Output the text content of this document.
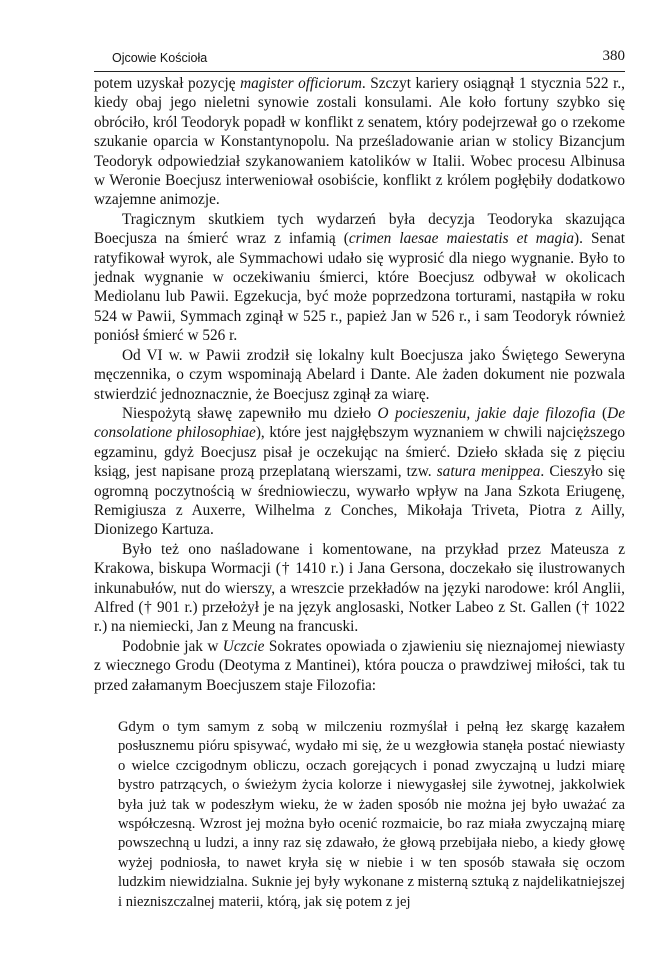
Ojcowie Kościoła	380

potem uzyskał pozycję magister officiorum. Szczyt kariery osiągnął 1 stycznia 522 r., kiedy obaj jego nieletni synowie zostali konsulami. Ale koło fortuny szybko się obróciło, król Teodoryk popadł w konflikt z senatem, który podejrzewał go o rzekome szukanie oparcia w Konstantynopolu. Na prześladowanie arian w stolicy Bizancjum Teodoryk odpowiedział szykanowaniem katolików w Italii. Wobec procesu Albinusa w Weronie Boecjusz interweniował osobiście, konflikt z królem pogłębiły dodatkowo wzajemne animozje.

Tragicznym skutkiem tych wydarzeń była decyzja Teodoryka skazująca Boecjusza na śmierć wraz z infamią (crimen laesae maiestatis et magia). Senat ratyfikował wyrok, ale Symmachowi udało się wyprosić dla niego wygnanie. Było to jednak wygnanie w oczekiwaniu śmierci, które Boecjusz odbywał w okolicach Mediolanu lub Pawii. Egzekucja, być może poprzedzona torturami, nastąpiła w roku 524 w Pawii, Symmach zginął w 525 r., papież Jan w 526 r., i sam Teodoryk również poniósł śmierć w 526 r.

Od VI w. w Pawii zrodził się lokalny kult Boecjusza jako Świętego Seweryna męczennika, o czym wspominają Abelard i Dante. Ale żaden dokument nie pozwala stwierdzić jednoznacznie, że Boecjusz zginął za wiarę.

Niespożytą sławę zapewniło mu dzieło O pocieszeniu, jakie daje filozofia (De consolatione philosophiae), które jest najgłębszym wyznaniem w chwili najcięższego egzaminu, gdyż Boecjusz pisał je oczekując na śmierć. Dzieło składa się z pięciu ksiąg, jest napisane prozą przeplataną wierszami, tzw. satura menippea. Cieszyło się ogromną poczytnością w średniowieczu, wywarło wpływ na Jana Szkota Eriugenę, Remigiusza z Auxerre, Wilhelma z Conches, Mikołaja Triveta, Piotra z Ailly, Dionizego Kartuza.

Było też ono naśladowane i komentowane, na przykład przez Mateusza z Krakowa, biskupa Wormacji († 1410 r.) i Jana Gersona, doczekało się ilustrowanych inkunabułów, nut do wierszy, a wreszcie przekładów na języki narodowe: król Anglii, Alfred († 901 r.) przełożył je na język anglosaski, Notker Labeo z St. Gallen († 1022 r.) na niemiecki, Jan z Meung na francuski.

Podobnie jak w Uczcie Sokrates opowiada o zjawieniu się nieznajomej niewiasty z wiecznego Grodu (Deotyma z Mantinei), która poucza o prawdziwej miłości, tak tu przed załamanym Boecjuszem staje Filozofia:

Gdym o tym samym z sobą w milczeniu rozmyślał i pełną łez skargę kazałem posłusznemu pióru spisywać, wydało mi się, że u wezgłowia stanęła postać niewiasty o wielce czcigodnym obliczu, oczach gorejących i ponad zwyczajną u ludzi miarę bystro patrzących, o świeżym życia kolorze i niewygasłej sile żywotnej, jakkolwiek była już tak w podeszłym wieku, że w żaden sposób nie można jej było uważać za współczesną. Wzrost jej można było ocenić rozmaicie, bo raz miała zwyczajną miarę powszechną u ludzi, a inny raz się zdawało, że głową przebijała niebo, a kiedy głowę wyżej podniosła, to nawet kryła się w niebie i w ten sposób stawała się oczom ludzkim niewidzialna. Suknie jej były wykonane z misterną sztuką z najdelikatniejszej i niezniszczalnej materii, którą, jak się potem z jej
